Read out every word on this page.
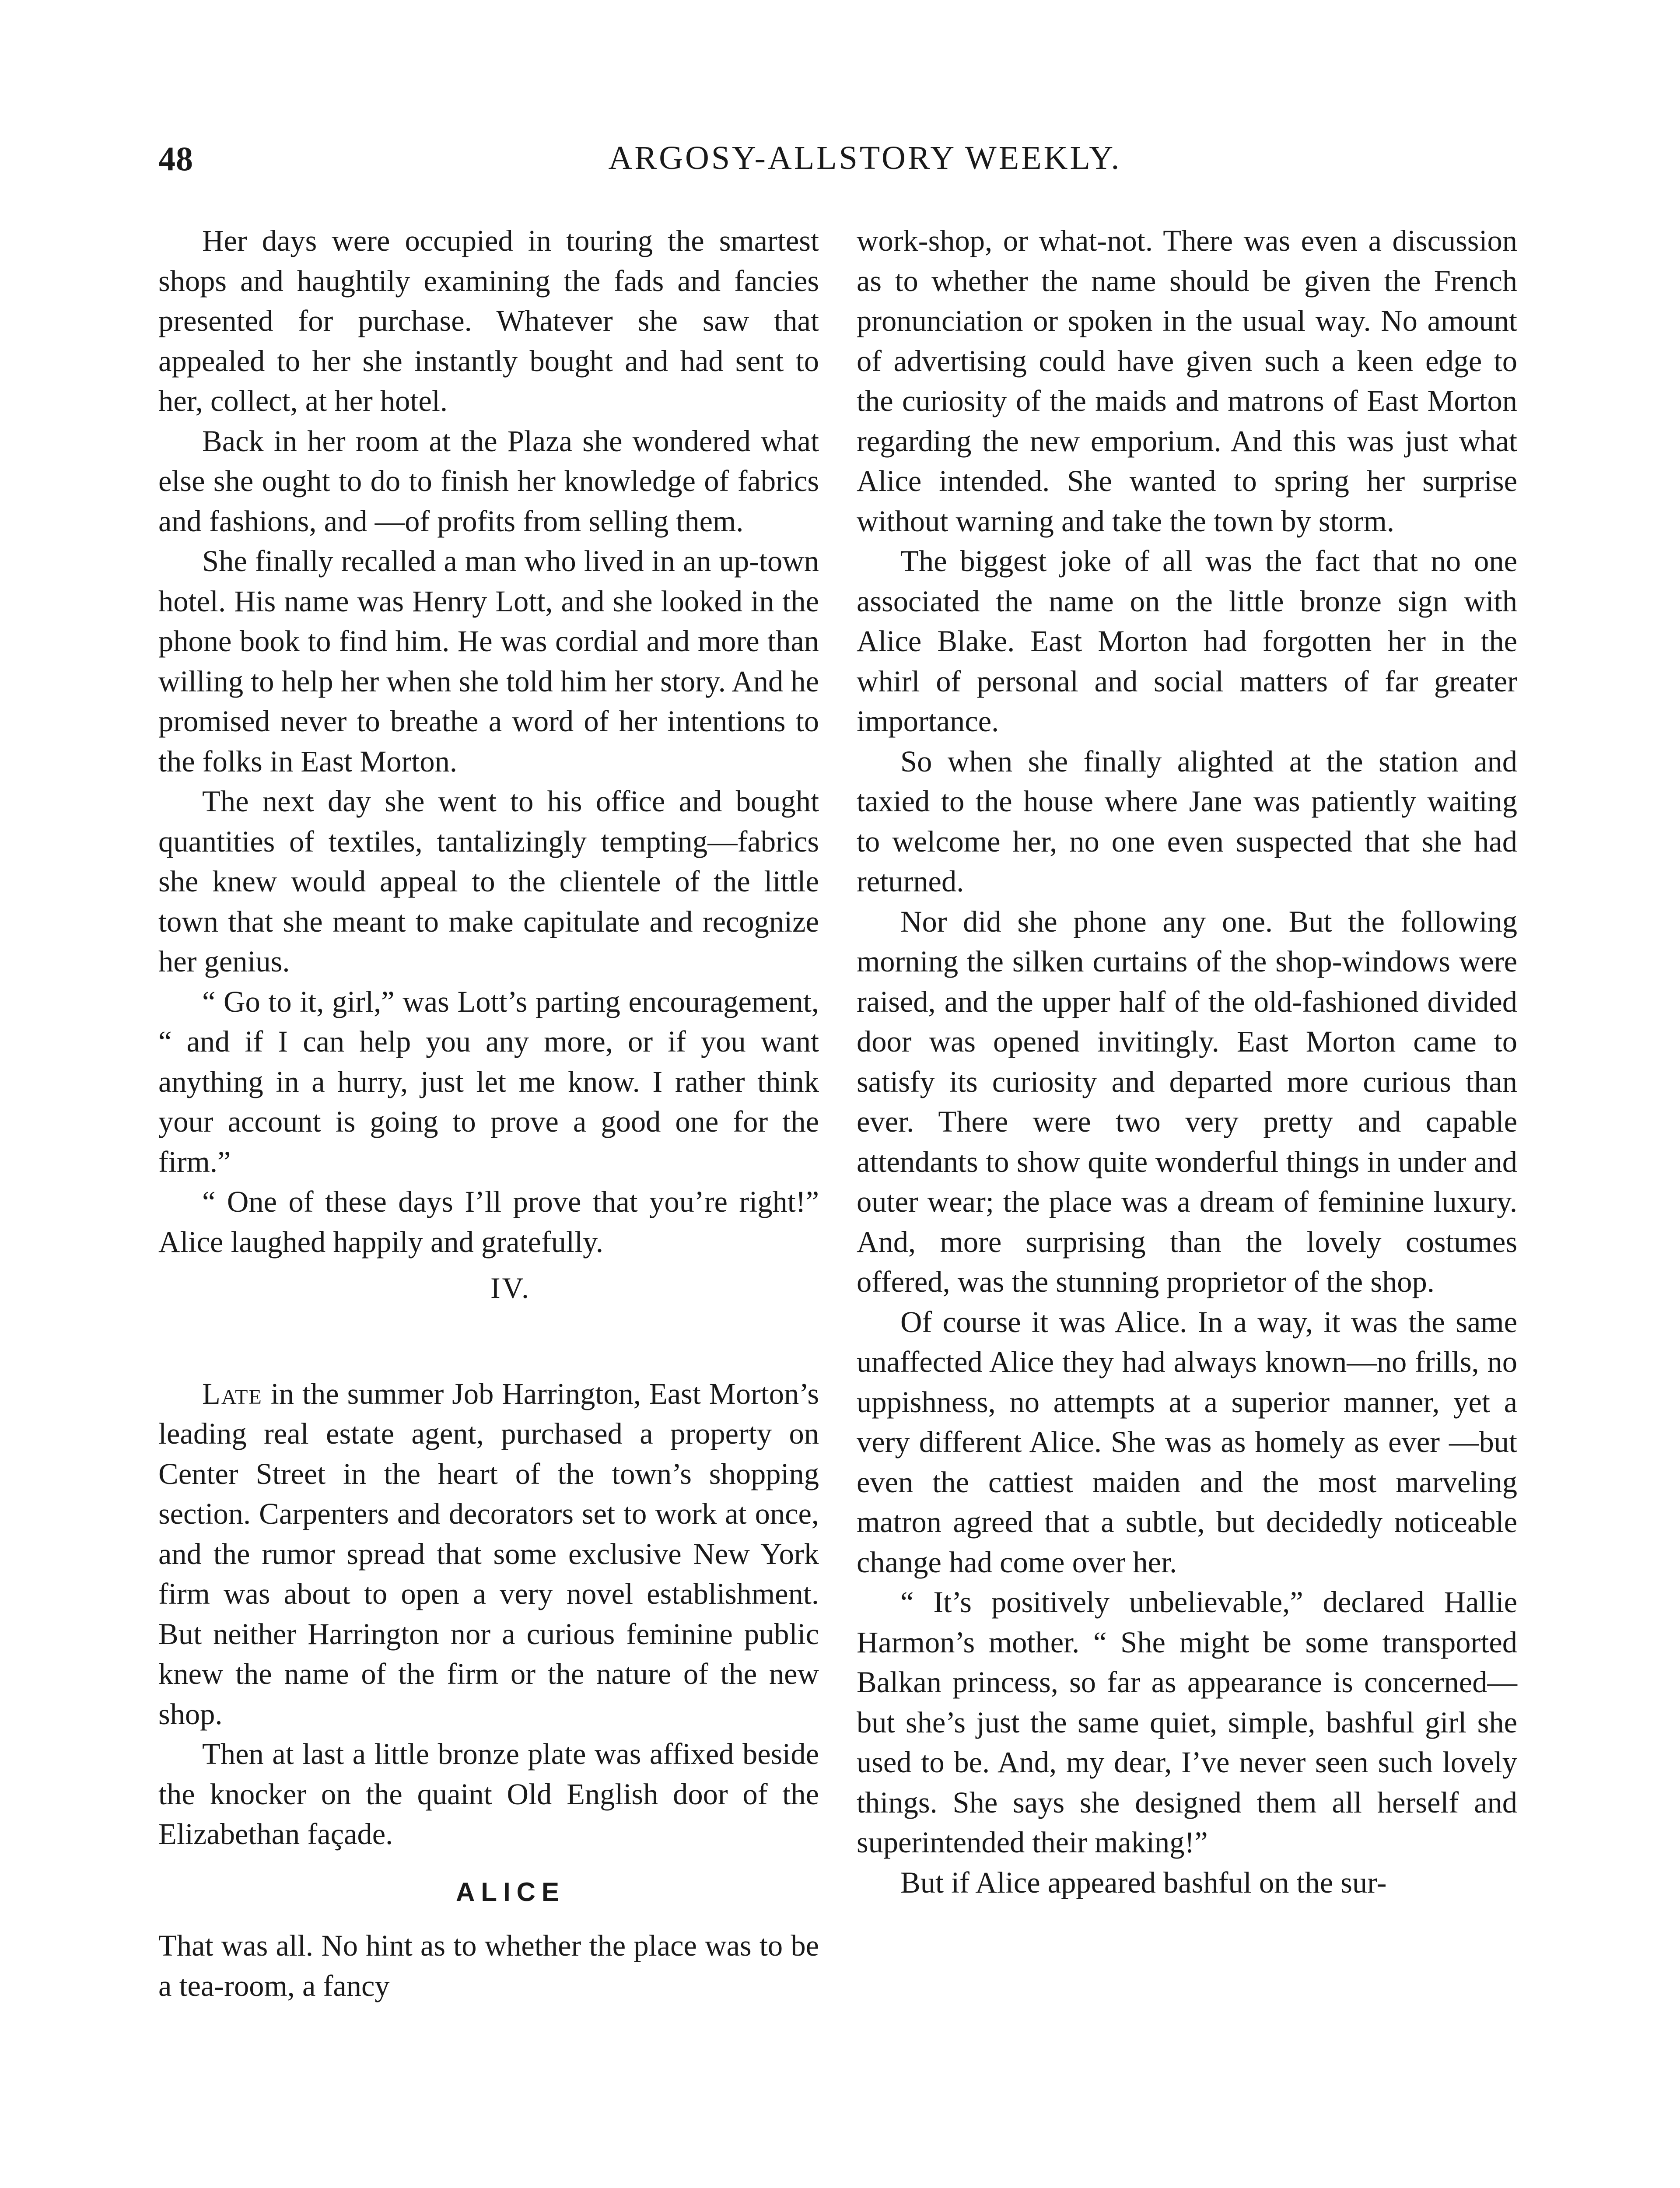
48	ARGOSY-ALLSTORY WEEKLY.

Her days were occupied in touring the smartest shops and haughtily examining the fads and fancies presented for purchase. Whatever she saw that appealed to her she instantly bought and had sent to her, collect, at her hotel.

Back in her room at the Plaza she wondered what else she ought to do to finish her knowledge of fabrics and fashions, and —of profits from selling them.

She finally recalled a man who lived in an up-town hotel. His name was Henry Lott, and she looked in the phone book to find him. He was cordial and more than willing to help her when she told him her story. And he promised never to breathe a word of her intentions to the folks in East Morton.

The next day she went to his office and bought quantities of textiles, tantalizingly tempting—fabrics she knew would appeal to the clientele of the little town that she meant to make capitulate and recognize her genius.

“ Go to it, girl,” was Lott’s parting encouragement, “ and if I can help you any more, or if you want anything in a hurry, just let me know. I rather think your account is going to prove a good one for the firm.”

“ One of these days I’ll prove that you’re right!” Alice laughed happily and gratefully.

IV.

Late in the summer Job Harrington, East Morton’s leading real estate agent, purchased a property on Center Street in the heart of the town’s shopping section. Carpenters and decorators set to work at once, and the rumor spread that some exclusive New York firm was about to open a very novel establishment. But neither Harrington nor a curious feminine public knew the name of the firm or the nature of the new shop.

Then at last a little bronze plate was affixed beside the knocker on the quaint Old English door of the Elizabethan façade.

ALICE

That was all. No hint as to whether the place was to be a tea-room, a fancy

work-shop, or what-not. There was even a discussion as to whether the name should be given the French pronunciation or spoken in the usual way. No amount of advertising could have given such a keen edge to the curiosity of the maids and matrons of East Morton regarding the new emporium. And this was just what Alice intended. She wanted to spring her surprise without warning and take the town by storm.

The biggest joke of all was the fact that no one associated the name on the little bronze sign with Alice Blake. East Morton had forgotten her in the whirl of personal and social matters of far greater importance.

So when she finally alighted at the station and taxied to the house where Jane was patiently waiting to welcome her, no one even suspected that she had returned.

Nor did she phone any one. But the following morning the silken curtains of the shop-windows were raised, and the upper half of the old-fashioned divided door was opened invitingly. East Morton came to satisfy its curiosity and departed more curious than ever. There were two very pretty and capable attendants to show quite wonderful things in under and outer wear; the place was a dream of feminine luxury. And, more surprising than the lovely costumes offered, was the stunning proprietor of the shop.

Of course it was Alice. In a way, it was the same unaffected Alice they had always known—no frills, no uppishness, no attempts at a superior manner, yet a very different Alice. She was as homely as ever —but even the cattiest maiden and the most marveling matron agreed that a subtle, but decidedly noticeable change had come over her.

“ It’s positively unbelievable,” declared Hallie Harmon’s mother. “ She might be some transported Balkan princess, so far as appearance is concerned—but she’s just the same quiet, simple, bashful girl she used to be. And, my dear, I’ve never seen such lovely things. She says she designed them all herself and superintended their making!”

But if Alice appeared bashful on the sur-
